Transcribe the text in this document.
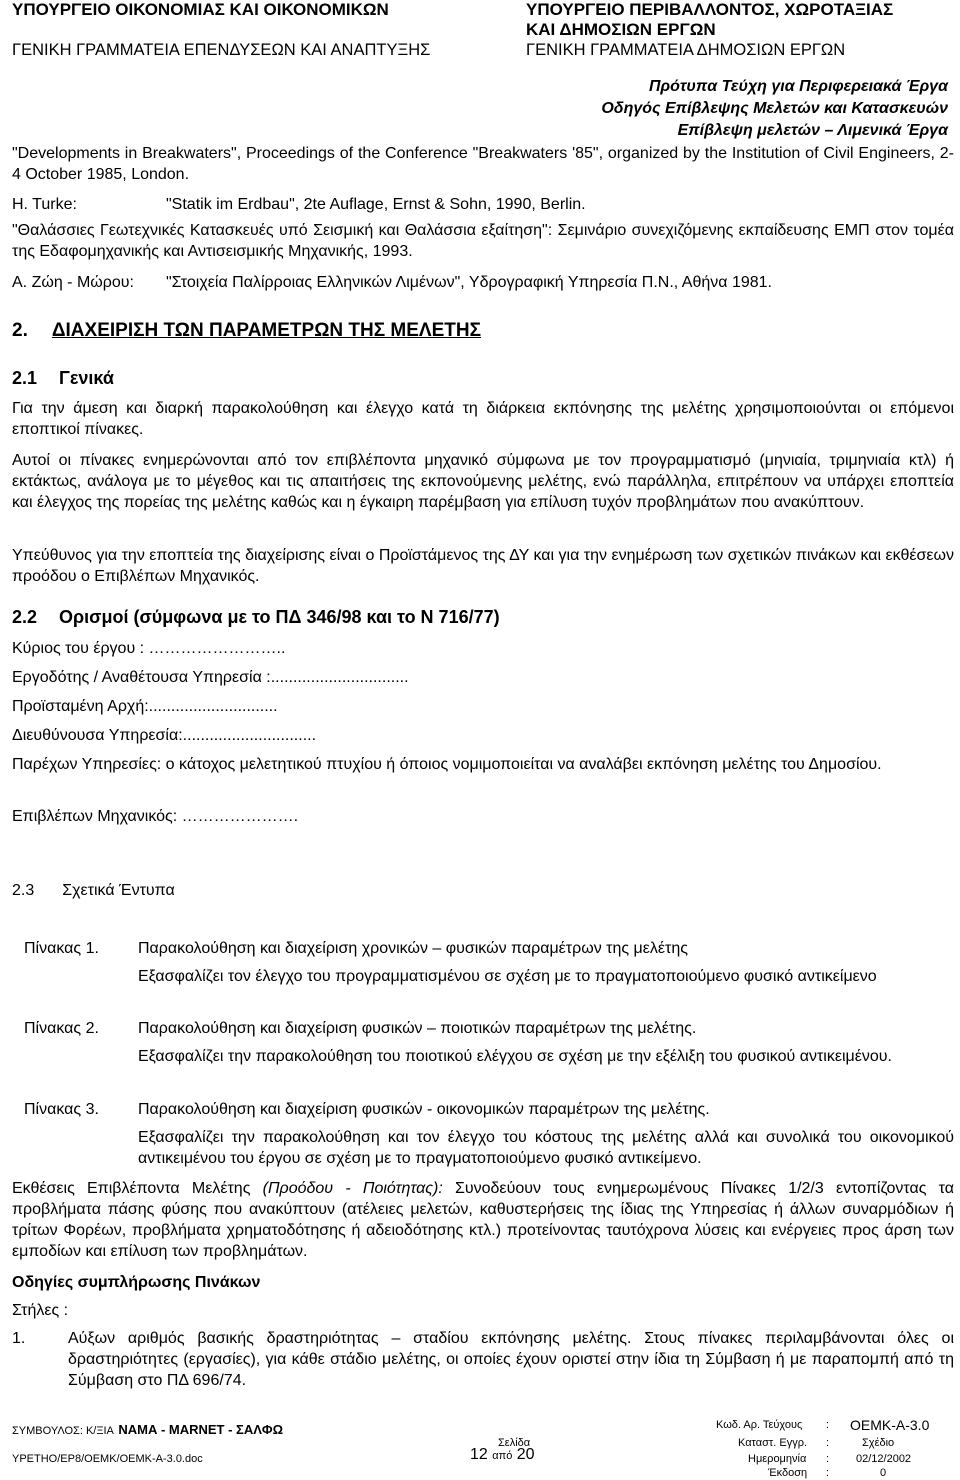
ΥΠΟΥΡΓΕΙΟ ΟΙΚΟΝΟΜΙΑΣ ΚΑΙ ΟΙΚΟΝΟΜΙΚΩΝ	ΥΠΟΥΡΓΕΙΟ ΠΕΡΙΒΑΛΛΟΝΤΟΣ, ΧΩΡΟΤΑΞΙΑΣ
ΚΑΙ ΔΗΜΟΣΙΩΝ ΕΡΓΩΝ
ΓΕΝΙΚΗ ΓΡΑΜΜΑΤΕΙΑ ΕΠΕΝΔΥΣΕΩΝ ΚΑΙ ΑΝΑΠΤΥΞΗΣ	ΓΕΝΙΚΗ ΓΡΑΜΜΑΤΕΙΑ ΔΗΜΟΣΙΩΝ ΕΡΓΩΝ
Πρότυπα Τεύχη για Περιφερειακά Έργα
Οδηγός Επίβλεψης Μελετών και Κατασκευών
Επίβλεψη μελετών – Λιμενικά Έργα
"Developments in Breakwaters", Proceedings of the Conference "Breakwaters '85", organized by the Institution of Civil Engineers, 2-4 October 1985, London.
H. Turke:	"Statik im Erdbau", 2te Auflage, Ernst & Sohn, 1990, Berlin.
"Θαλάσσιες Γεωτεχνικές Κατασκευές υπό Σεισμική και Θαλάσσια εξαίτηση": Σεμινάριο συνεχιζόμενης εκπαίδευσης ΕΜΠ στον τομέα της Εδαφομηχανικής και Αντισεισμικής Μηχανικής, 1993.
Α. Ζώη - Μώρου: "Στοιχεία Παλίρροιας Ελληνικών Λιμένων", Υδρογραφική Υπηρεσία Π.Ν., Αθήνα 1981.
2. ΔΙΑΧΕΙΡΙΣΗ ΤΩΝ ΠΑΡΑΜΕΤΡΩΝ ΤΗΣ ΜΕΛΕΤΗΣ
2.1 Γενικά
Για την άμεση και διαρκή παρακολούθηση και έλεγχο κατά τη διάρκεια εκπόνησης της μελέτης χρησιμοποιούνται οι επόμενοι εποπτικοί πίνακες.
Αυτοί οι πίνακες ενημερώνονται από τον επιβλέποντα μηχανικό σύμφωνα με τον προγραμματισμό (μηνιαία, τριμηνιαία κτλ) ή εκτάκτως, ανάλογα με το μέγεθος και τις απαιτήσεις της εκπονούμενης μελέτης, ενώ παράλληλα, επιτρέπουν να υπάρχει εποπτεία και έλεγχος της πορείας της μελέτης καθώς και η έγκαιρη παρέμβαση για επίλυση τυχόν προβλημάτων που ανακύπτουν.
Υπεύθυνος για την εποπτεία της διαχείρισης είναι ο Προϊστάμενος της ΔΥ και για την ενημέρωση των σχετικών πινάκων και εκθέσεων προόδου ο Επιβλέπων Μηχανικός.
2.2 Ορισμοί (σύμφωνα με το ΠΔ 346/98 και το Ν 716/77)
Κύριος του έργου : ……………………..
Εργοδότης / Αναθέτουσα Υπηρεσία :...............................
Προϊσταμένη Αρχή:.............................
Διευθύνουσα Υπηρεσία:..............................
Παρέχων Υπηρεσίες: ο κάτοχος μελετητικού πτυχίου ή όποιος νομιμοποιείται να αναλάβει εκπόνηση μελέτης του Δημοσίου.
Επιβλέπων Μηχανικός: ………………….
2.3 Σχετικά Έντυπα
Πίνακας 1. Παρακολούθηση και διαχείριση χρονικών – φυσικών παραμέτρων της μελέτης
Εξασφαλίζει τον έλεγχο του προγραμματισμένου σε σχέση με το πραγματοποιούμενο φυσικό αντικείμενο
Πίνακας 2. Παρακολούθηση και διαχείριση φυσικών – ποιοτικών παραμέτρων της μελέτης.
Εξασφαλίζει την παρακολούθηση του ποιοτικού ελέγχου σε σχέση με την εξέλιξη του φυσικού αντικειμένου.
Πίνακας 3. Παρακολούθηση και διαχείριση φυσικών - οικονομικών παραμέτρων της μελέτης.
Εξασφαλίζει την παρακολούθηση και τον έλεγχο του κόστους της μελέτης αλλά και συνολικά του οικονομικού αντικειμένου του έργου σε σχέση με το πραγματοποιούμενο φυσικό αντικείμενο.
Εκθέσεις Επιβλέποντα Μελέτης (Προόδου - Ποιότητας): Συνοδεύουν τους ενημερωμένους Πίνακες 1/2/3 εντοπίζοντας τα προβλήματα πάσης φύσης που ανακύπτουν (ατέλειες μελετών, καθυστερήσεις της ίδιας της Υπηρεσίας ή άλλων συναρμόδιων ή τρίτων Φορέων, προβλήματα χρηματοδότησης ή αδειοδότησης κτλ.) προτείνοντας ταυτόχρονα λύσεις και ενέργειες προς άρση των εμποδίων και επίλυση των προβλημάτων.
Οδηγίες συμπλήρωσης Πινάκων
Στήλες :
1.	Αύξων αριθμός βασικής δραστηριότητας – σταδίου εκπόνησης μελέτης. Στους πίνακες περιλαμβάνονται όλες οι δραστηριότητες (εργασίες), για κάθε στάδιο μελέτης, οι οποίες έχουν οριστεί στην ίδια τη Σύμβαση ή με παραπομπή από τη Σύμβαση στο ΠΔ 696/74.
ΣΥΜΒΟΥΛΟΣ: Κ/ΞΙΑ ΝΑΜΑ - MARNET - ΣΑΛΦΩ	Κωδ. Αρ. Τεύχους : ΟΕΜΚ-Α-3.0
Σελίδα	Καταστ. Εγγρ. :	Σχέδιο
ΥΡΕΤΗΟ/ΕΡ8/ΟΕΜΚ/ΟΕΜΚ-Α-3.0.doc	12 από 20	Ημερομηνία : 02/12/2002
Έκδοση :	0
